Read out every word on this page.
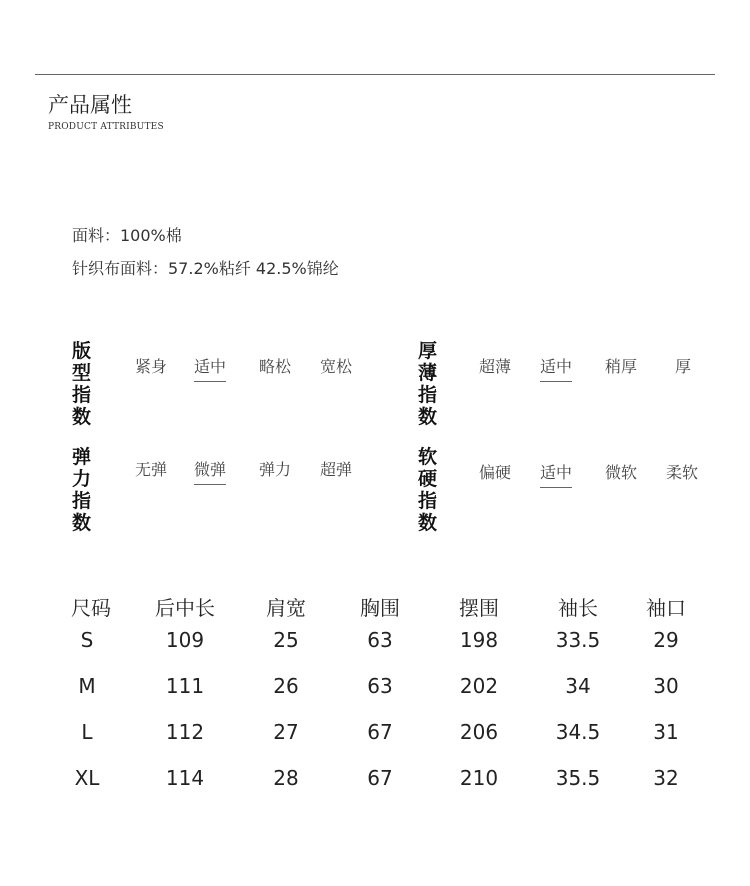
产品属性
PRODUCT ATTRIBUTES
面料：100%棉
针织布面料：57.2%粘纤 42.5%锦纶
版型
指数
紧身 适中 略松 宽松
厚薄
指数
超薄 适中 稍厚 厚
弹力
指数
无弹 微弹 弹力 超弹
软硬
指数
偏硬 适中 微软 柔软
尺码 后中长	肩宽	胸围	摆围	袖长 袖口
S	109	25	63	198	33.5	29
M	111	26	63	202	34	30
L	112	27	67	206	34.5	31
XL	114	28	67	210	35.5	32
